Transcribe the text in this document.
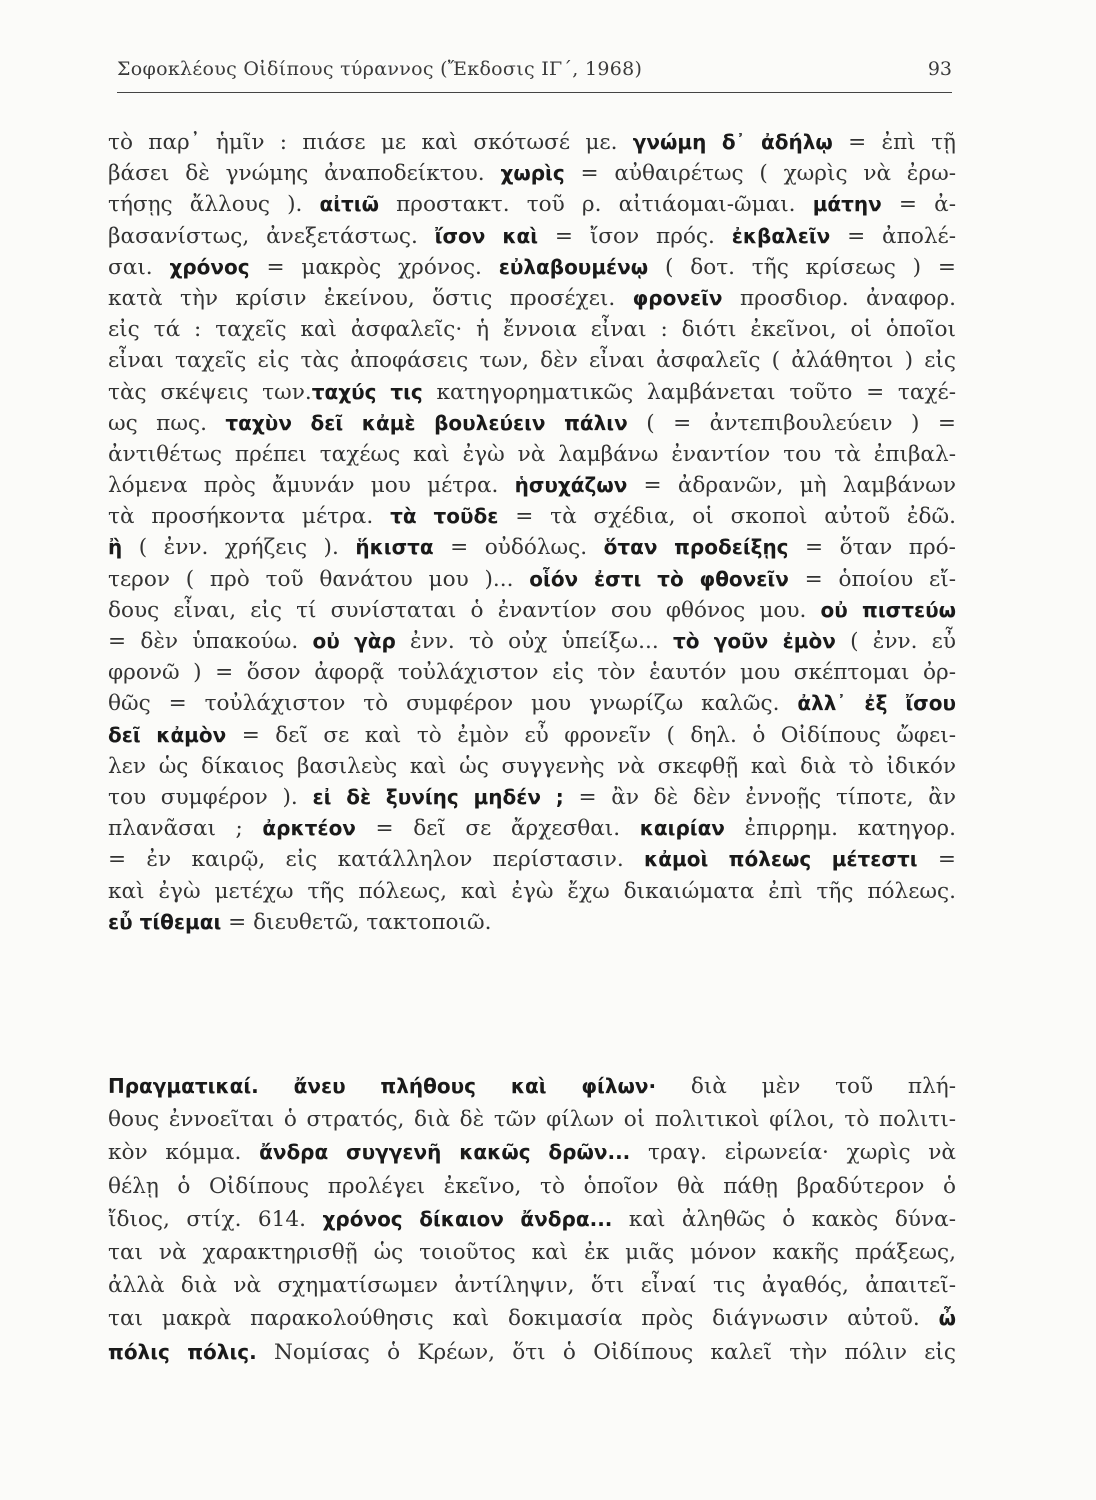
Σοφοκλέους Οἰδίπους τύραννος (Ἔκδοσις ΙΓ΄, 1968)	93
τὸ παρ᾽ ἡμῖν : πιάσε με καὶ σκότωσέ με. γνώμη δ᾽ ἀδήλῳ = ἐπὶ τῇ
βάσει δὲ γνώμης ἀναποδείκτου. χωρὶς = αὐθαιρέτως ( χωρὶς νὰ ἐρω-
τήσῃς ἄλλους ). αἰτιῶ προστακτ. τοῦ ρ. αἰτιάομαι-ῶμαι. μάτην = ἀ-
βασανίστως, ἀνεξετάστως. ἴσον καὶ = ἴσον πρός. ἐκβαλεῖν = ἀπολέ-
σαι. χρόνος = μακρὸς χρόνος. εὐλαβουμένῳ ( δοτ. τῆς κρίσεως ) =
κατὰ τὴν κρίσιν ἐκείνου, ὅστις προσέχει. φρονεῖν προσδιορ. ἀναφορ.
εἰς τά : ταχεῖς καὶ ἀσφαλεῖς· ἡ ἔννοια εἶναι : διότι ἐκεῖνοι, οἱ ὁποῖοι
εἶναι ταχεῖς εἰς τὰς ἀποφάσεις των, δὲν εἶναι ἀσφαλεῖς ( ἀλάθητοι ) εἰς
τὰς σκέψεις των.ταχύς τις κατηγορηματικῶς λαμβάνεται τοῦτο = ταχέ-
ως πως. ταχὺν δεῖ κἀμὲ βουλεύειν πάλιν ( = ἀντεπιβουλεύειν ) =
ἀντιθέτως πρέπει ταχέως καὶ ἐγὼ νὰ λαμβάνω ἐναντίον του τὰ ἐπιβαλ-
λόμενα πρὸς ἄμυνάν μου μέτρα. ἡσυχάζων = ἀδρανῶν, μὴ λαμβάνων
τὰ προσήκοντα μέτρα. τὰ τοῦδε = τὰ σχέδια, οἱ σκοποὶ αὐτοῦ ἐδῶ.
ἢ ( ἐνν. χρήζεις ). ἥκιστα = οὐδόλως. ὅταν προδείξῃς = ὅταν πρό-
τερον ( πρὸ τοῦ θανάτου μου )... οἷόν ἐστι τὸ φθονεῖν = ὁποίου εἴ-
δους εἶναι, εἰς τί συνίσταται ὁ ἐναντίον σου φθόνος μου. οὐ πιστεύω
= δὲν ὑπακούω. οὐ γὰρ ἐνν. τὸ οὐχ ὑπείξω... τὸ γοῦν ἐμὸν ( ἐνν. εὖ
φρονῶ ) = ὅσον ἀφορᾷ τοὐλάχιστον εἰς τὸν ἑαυτόν μου σκέπτομαι ὀρ-
θῶς = τοὐλάχιστον τὸ συμφέρον μου γνωρίζω καλῶς. ἀλλ᾽ ἐξ ἴσου
δεῖ κἀμὸν = δεῖ σε καὶ τὸ ἐμὸν εὖ φρονεῖν ( δηλ. ὁ Οἰδίπους ὤφει-
λεν ὡς δίκαιος βασιλεὺς καὶ ὡς συγγενὴς νὰ σκεφθῇ καὶ διὰ τὸ ἰδικόν
του συμφέρον ). εἰ δὲ ξυνίης μηδέν ; = ἂν δὲ δὲν ἐννοῇς τίποτε, ἂν
πλανᾶσαι ; ἀρκτέον = δεῖ σε ἄρχεσθαι. καιρίαν ἐπιρρημ. κατηγορ.
= ἐν καιρῷ, εἰς κατάλληλον περίστασιν. κἀμοὶ πόλεως μέτεστι =
καὶ ἐγὼ μετέχω τῆς πόλεως, καὶ ἐγὼ ἔχω δικαιώματα ἐπὶ τῆς πόλεως.
εὖ τίθεμαι = διευθετῶ, τακτοποιῶ.
Πραγματικαί. ἄνευ πλήθους καὶ φίλων· διὰ μὲν τοῦ πλή-
θους ἐννοεῖται ὁ στρατός, διὰ δὲ τῶν φίλων οἱ πολιτικοὶ φίλοι, τὸ πολιτι-
κὸν κόμμα. ἄνδρα συγγενῆ κακῶς δρῶν... τραγ. εἰρωνεία· χωρὶς νὰ
θέλῃ ὁ Οἰδίπους προλέγει ἐκεῖνο, τὸ ὁποῖον θὰ πάθῃ βραδύτερον ὁ
ἴδιος, στίχ. 614. χρόνος δίκαιον ἄνδρα... καὶ ἀληθῶς ὁ κακὸς δύνα-
ται νὰ χαρακτηρισθῇ ὡς τοιοῦτος καὶ ἐκ μιᾶς μόνον κακῆς πράξεως,
ἀλλὰ διὰ νὰ σχηματίσωμεν ἀντίληψιν, ὅτι εἶναί τις ἀγαθός, ἀπαιτεῖ-
ται μακρὰ παρακολούθησις καὶ δοκιμασία πρὸς διάγνωσιν αὐτοῦ. ὦ
πόλις πόλις. Νομίσας ὁ Κρέων, ὅτι ὁ Οἰδίπους καλεῖ τὴν πόλιν εἰς
